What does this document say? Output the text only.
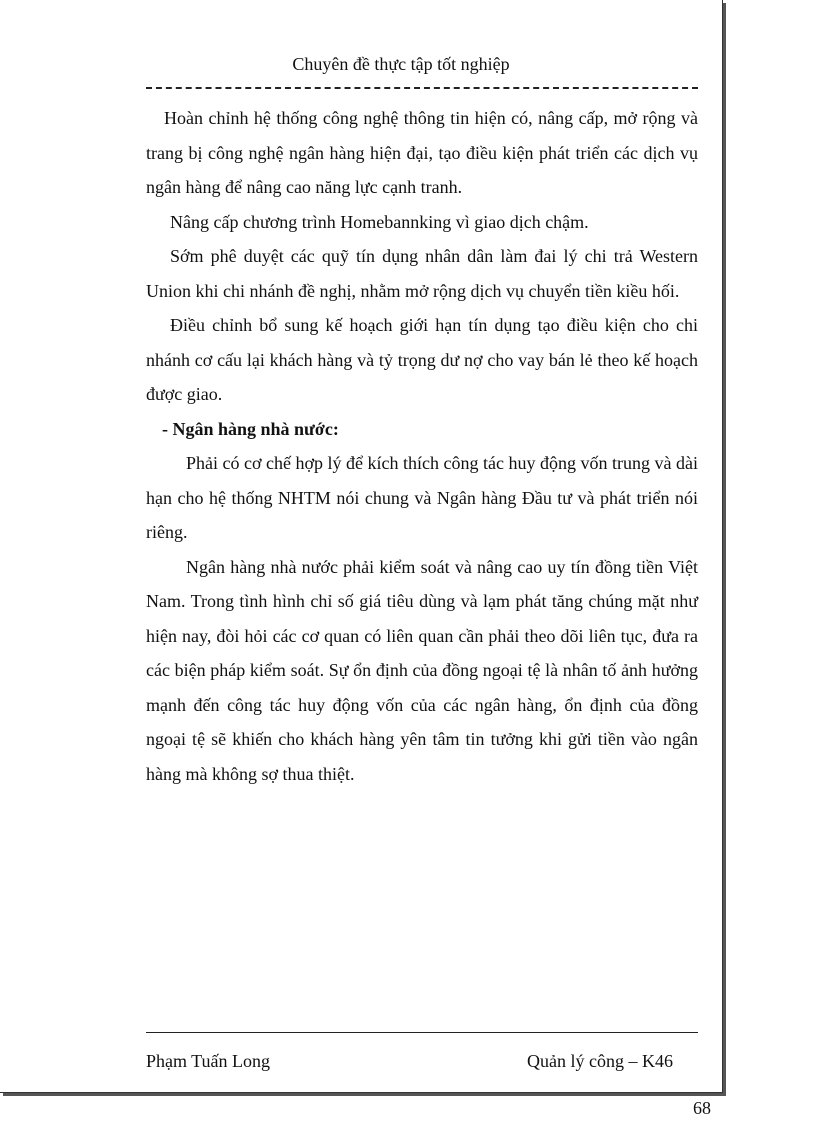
Chuyên đề thực tập tốt nghiệp

Hoàn chỉnh hệ thống công nghệ thông tin hiện có, nâng cấp, mở rộng và trang bị công nghệ ngân hàng hiện đại, tạo điều kiện phát triển các dịch vụ ngân hàng để nâng cao năng lực cạnh tranh.

Nâng cấp chương trình Homebannking vì giao dịch chậm.

Sớm phê duyệt các quỹ tín dụng nhân dân làm đai lý chi trả Western Union khi chi nhánh đề nghị, nhằm mở rộng dịch vụ chuyển tiền kiều hối.

Điều chỉnh bổ sung kế hoạch giới hạn tín dụng tạo điều kiện cho chi nhánh cơ cấu lại khách hàng và tỷ trọng dư nợ cho vay bán lẻ theo kế hoạch được giao.

- Ngân hàng nhà nước:

Phải có cơ chế hợp lý để kích thích công tác huy động vốn trung và dài hạn cho hệ thống NHTM nói chung và Ngân hàng Đầu tư và phát triển nói riêng.

Ngân hàng nhà nước phải kiểm soát và nâng cao uy tín đồng tiền Việt Nam. Trong tình hình chỉ số giá tiêu dùng và lạm phát tăng chúng mặt như hiện nay, đòi hỏi các cơ quan có liên quan cần phải theo dõi liên tục, đưa ra các biện pháp kiểm soát. Sự ổn định của đồng ngoại tệ là nhân tố ảnh hưởng mạnh đến công tác huy động vốn của các ngân hàng, ổn định của đồng ngoại tệ sẽ khiến cho khách hàng yên tâm tin tưởng khi gửi tiền vào ngân hàng mà không sợ thua thiệt.

Phạm Tuấn Long	Quản lý công – K46
68
